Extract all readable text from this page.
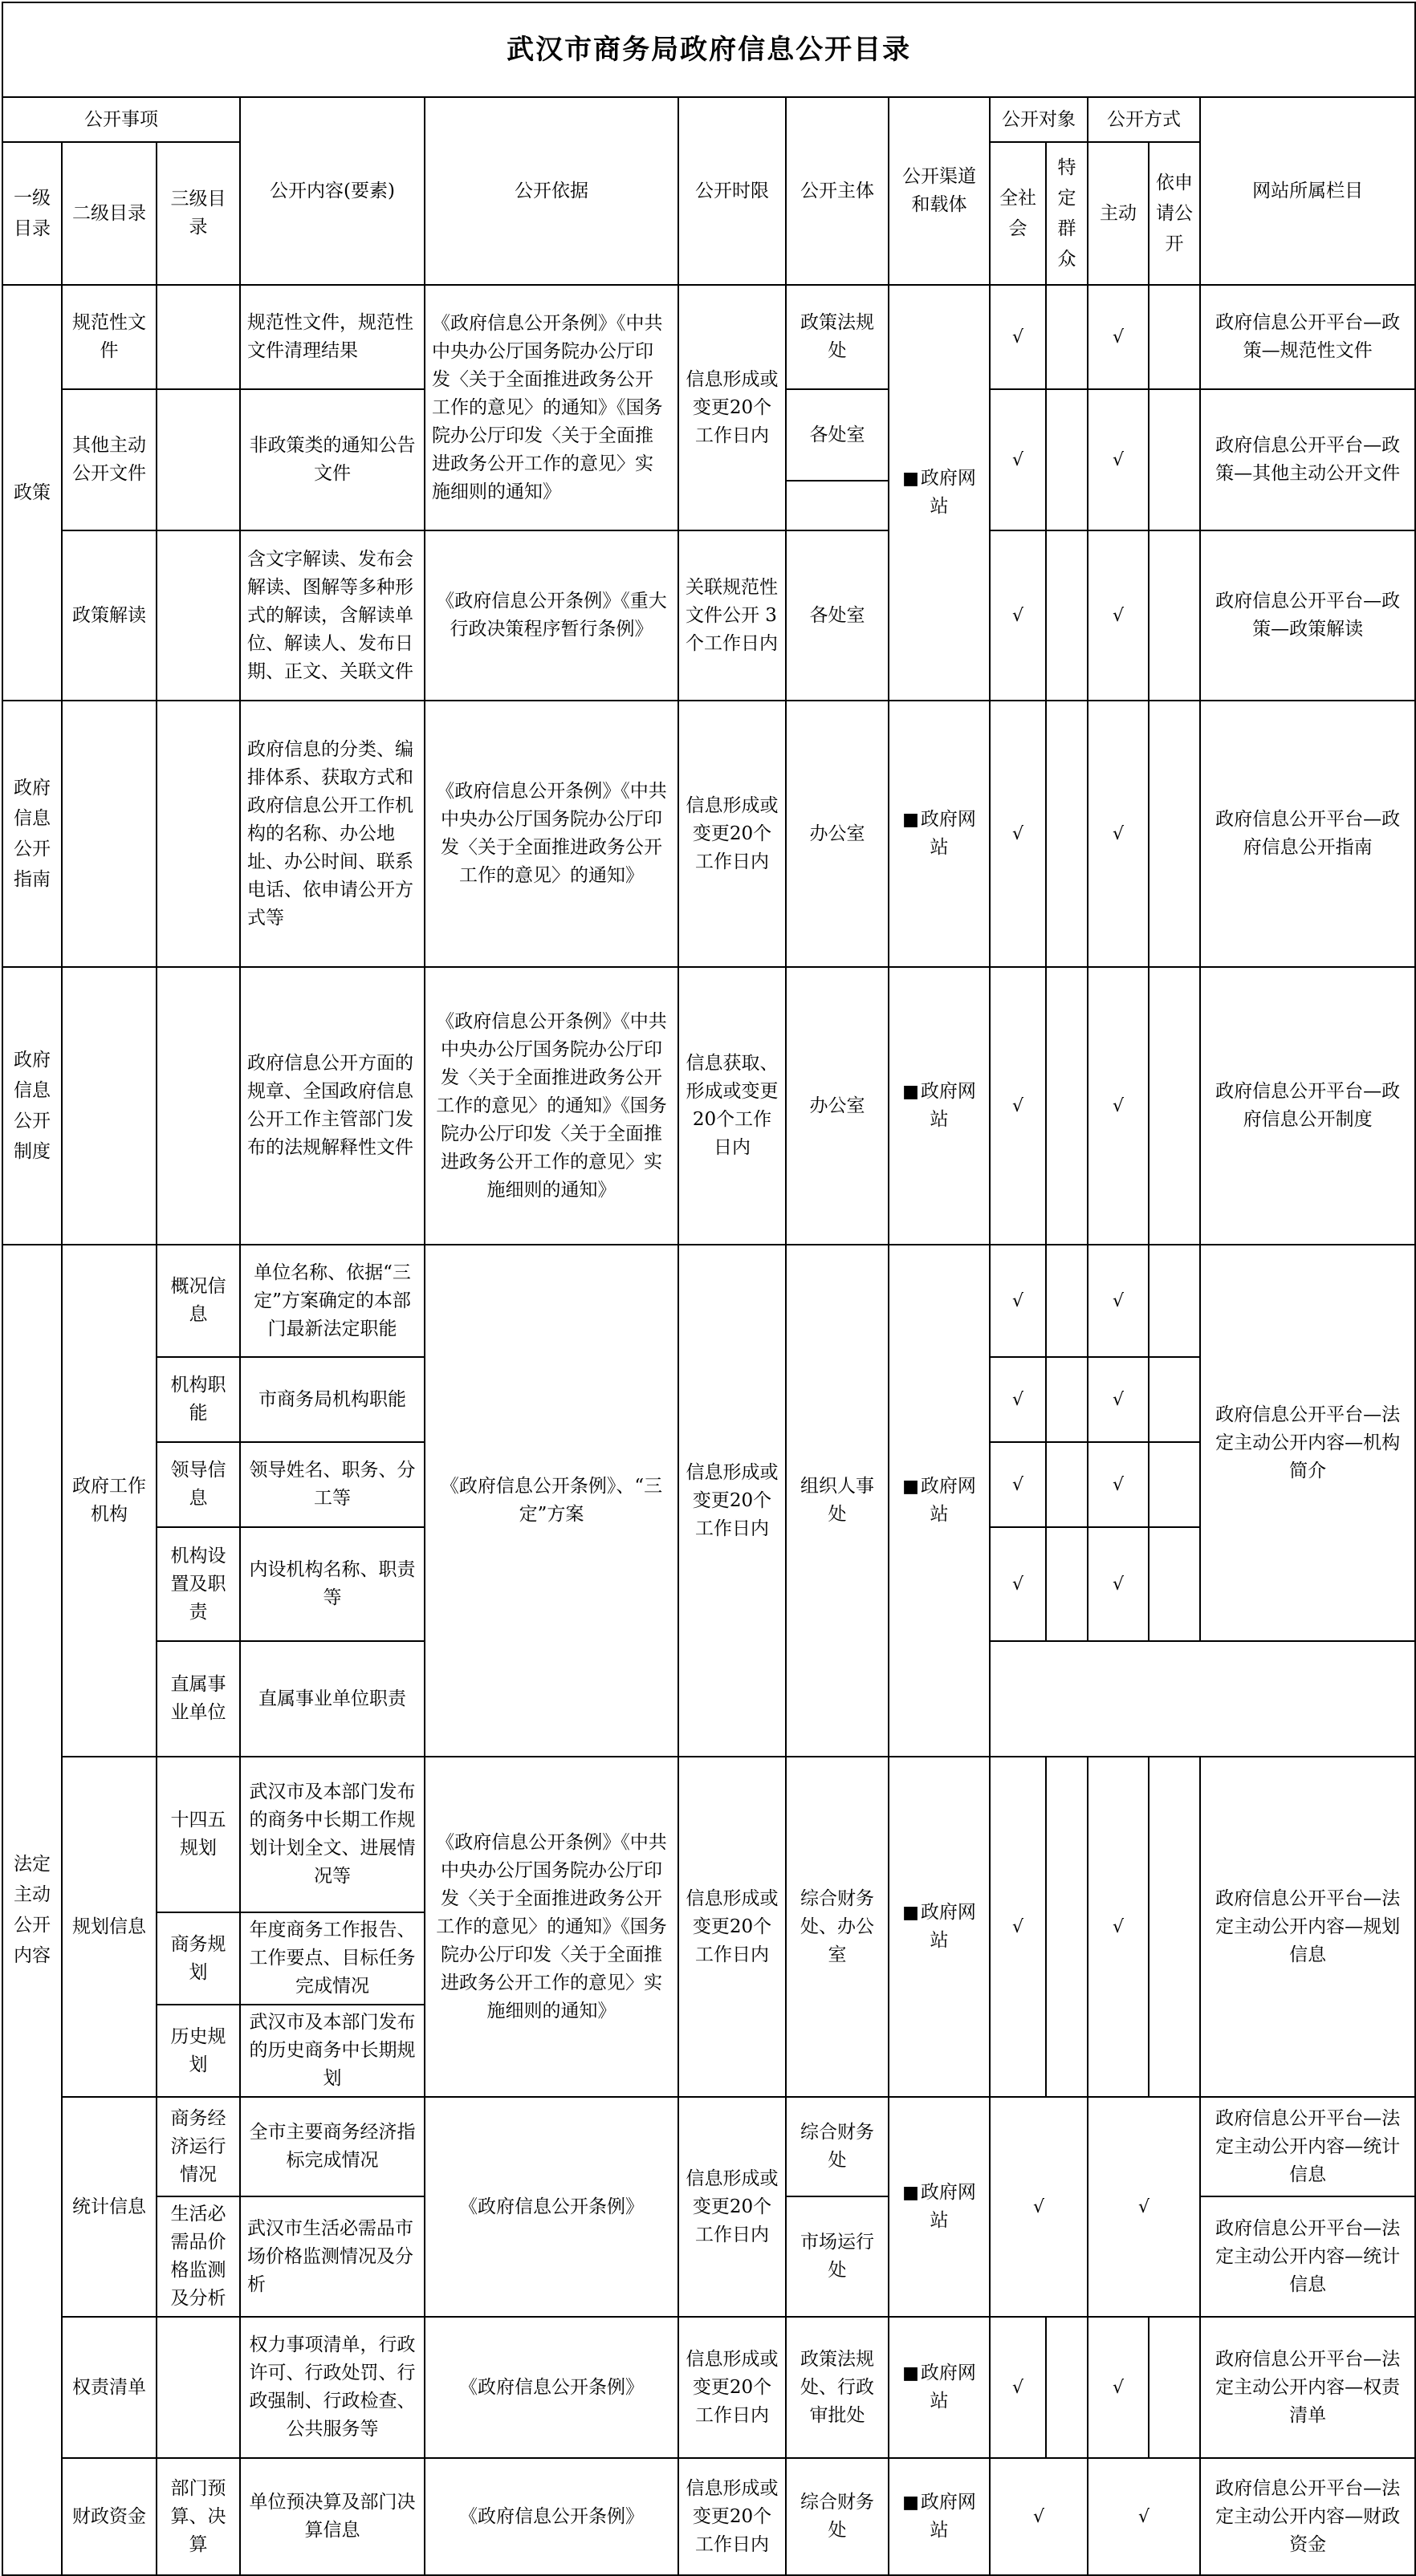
武汉市商务局政府信息公开目录												
公开事项			公开内容(要素)	公开依据	公开时限	公开主体	公开渠道和载体	公开对象		公开方式		网站所属栏目
一级目录	二级目录	三级目录						全社会	特定群众	主动	依申请公开	
政策	规范性文件		规范性文件，规范性文件清理结果	《政府信息公开条例》《中共中央办公厅国务院办公厅印发〈关于全面推进政务公开工作的意见〉的通知》《国务院办公厅印发〈关于全面推进政务公开工作的意见〉实施细则的通知》	信息形成或变更20个工作日内	政策法规处	■政府网站	√		√		政府信息公开平台—政策—规范性文件
	其他主动公开文件		非政策类的通知公告文件			各处室		√		√		政府信息公开平台—政策—其他主动公开文件

	政策解读		含文字解读、发布会解读、图解等多种形式的解读，含解读单位、解读人、发布日期、正文、关联文件	《政府信息公开条例》《重大行政决策程序暂行条例》	关联规范性文件公开 3 个工作日内	各处室		√		√		政府信息公开平台—政策—政策解读
政府信息公开指南			政府信息的分类、编排体系、获取方式和政府信息公开工作机构的名称、办公地址、办公时间、联系电话、依申请公开方式等	《政府信息公开条例》《中共中央办公厅国务院办公厅印发〈关于全面推进政务公开工作的意见〉的通知》	信息形成或变更20个工作日内	办公室	■政府网站	√		√		政府信息公开平台—政府信息公开指南
政府信息公开制度			政府信息公开方面的规章、全国政府信息公开工作主管部门发布的法规解释性文件	《政府信息公开条例》《中共中央办公厅国务院办公厅印发〈关于全面推进政务公开工作的意见〉的通知》《国务院办公厅印发〈关于全面推进政务公开工作的意见〉实施细则的通知》	信息获取、形成或变更20个工作日内	办公室	■政府网站	√		√		政府信息公开平台—政府信息公开制度
法定主动公开内容	政府工作机构	概况信息	单位名称、依据“三定”方案确定的本部门最新法定职能	《政府信息公开条例》、“三定”方案	信息形成或变更20个工作日内	组织人事处	■政府网站	√		√		政府信息公开平台—法定主动公开内容—机构简介
		机构职能	市商务局机构职能					√		√		
		领导信息	领导姓名、职务、分工等					√		√		
		机构设置及职责	内设机构名称、职责等					√		√		
		直属事业单位	直属事业单位职责									
	规划信息	十四五规划	武汉市及本部门发布的商务中长期工作规划计划全文、进展情况等	《政府信息公开条例》《中共中央办公厅国务院办公厅印发〈关于全面推进政务公开工作的意见〉的通知》《国务院办公厅印发〈关于全面推进政务公开工作的意见〉实施细则的通知》	信息形成或变更20个工作日内	综合财务处、办公室	■政府网站	√		√		政府信息公开平台—法定主动公开内容—规划信息
		商务规划	年度商务工作报告、工作要点、目标任务完成情况									
		历史规划	武汉市及本部门发布的历史商务中长期规划									
	统计信息	商务经济运行情况	全市主要商务经济指标完成情况	《政府信息公开条例》	信息形成或变更20个工作日内	综合财务处	■政府网站	√		√		政府信息公开平台—法定主动公开内容—统计信息
		生活必需品价格监测及分析	武汉市生活必需品市场价格监测情况及分析			市场运行处						政府信息公开平台—法定主动公开内容—统计信息
	权责清单		权力事项清单，行政许可、行政处罚、行政强制、行政检查、公共服务等	《政府信息公开条例》	信息形成或变更20个工作日内	政策法规处、行政审批处	■政府网站	√		√		政府信息公开平台—法定主动公开内容—权责清单
	财政资金	部门预算、决算	单位预决算及部门决算信息	《政府信息公开条例》	信息形成或变更20个工作日内	综合财务处	■政府网站	√		√		政府信息公开平台—法定主动公开内容—财政资金
